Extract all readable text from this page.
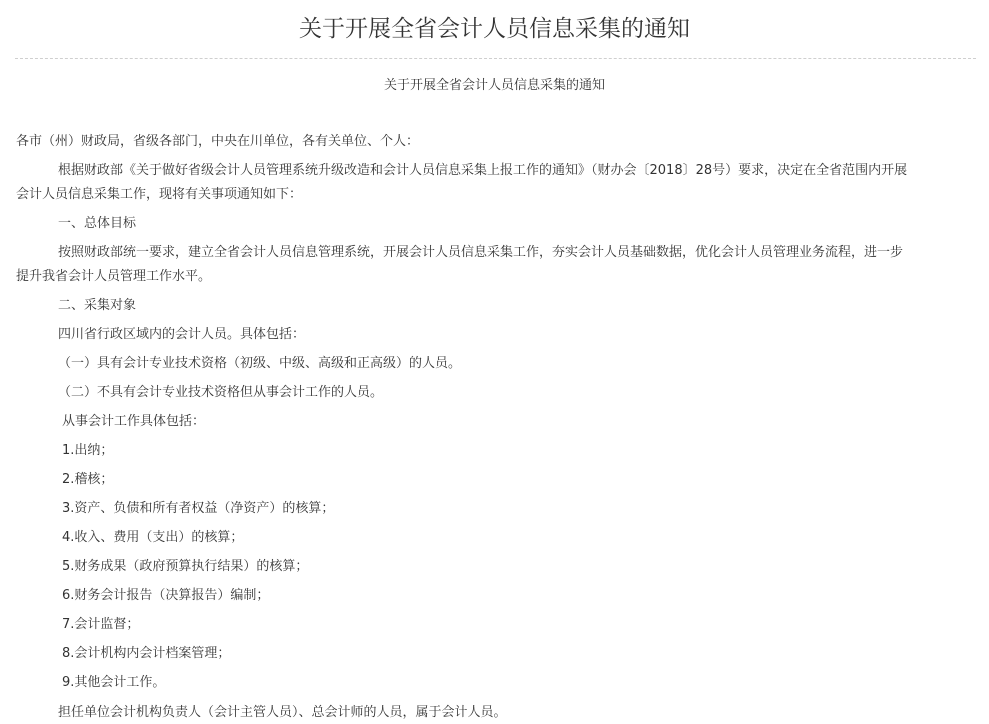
关于开展全省会计人员信息采集的通知
关于开展全省会计人员信息采集的通知
各市（州）财政局，省级各部门，中央在川单位，各有关单位、个人：
根据财政部《关于做好省级会计人员管理系统升级改造和会计人员信息采集上报工作的通知》（财办会〔2018〕28号）要求，决定在全省范围内开展
会计人员信息采集工作，现将有关事项通知如下：
一、总体目标
按照财政部统一要求，建立全省会计人员信息管理系统，开展会计人员信息采集工作，夯实会计人员基础数据，优化会计人员管理业务流程，进一步
提升我省会计人员管理工作水平。
二、采集对象
四川省行政区域内的会计人员。具体包括：
（一）具有会计专业技术资格（初级、中级、高级和正高级）的人员。
（二）不具有会计专业技术资格但从事会计工作的人员。
从事会计工作具体包括：
1.出纳；
2.稽核；
3.资产、负债和所有者权益（净资产）的核算；
4.收入、费用（支出）的核算；
5.财务成果（政府预算执行结果）的核算；
6.财务会计报告（决算报告）编制；
7.会计监督；
8.会计机构内会计档案管理；
9.其他会计工作。
担任单位会计机构负责人（会计主管人员）、总会计师的人员，属于会计人员。
